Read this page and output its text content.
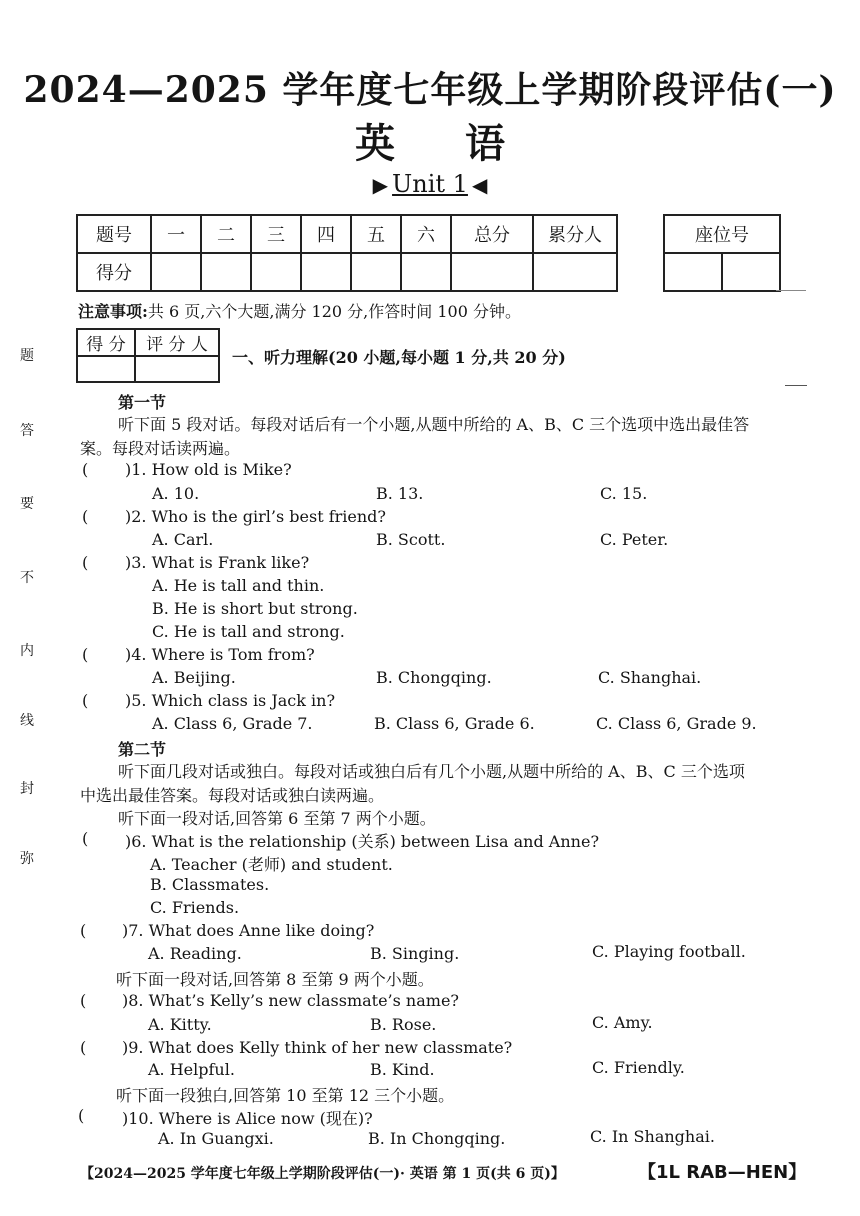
2024—2025 学年度七年级上学期阶段评估(一)
英语
▶ Unit 1 ◀
题号	一	二	三	四	五	六	总分	累分人
得分								
座位号

注意事项:共 6 页,六个大题,满分 120 分,作答时间 100 分钟。
得 分	评 分 人

一、听力理解(20 小题,每小题 1 分,共 20 分)
第一节
听下面 5 段对话。每段对话后有一个小题,从题中所给的 A、B、C 三个选项中选出最佳答
案。每段对话读两遍。
( )1. How old is Mike?
A. 10.	B. 13.	C. 15.
( )2. Who is the girl’s best friend?
A. Carl.	B. Scott.	C. Peter.
( )3. What is Frank like?
A. He is tall and thin.
B. He is short but strong.
C. He is tall and strong.
( )4. Where is Tom from?
A. Beijing.	B. Chongqing.	C. Shanghai.
( )5. Which class is Jack in?
A. Class 6, Grade 7.	B. Class 6, Grade 6.	C. Class 6, Grade 9.
第二节
听下面几段对话或独白。每段对话或独白后有几个小题,从题中所给的 A、B、C 三个选项
中选出最佳答案。每段对话或独白读两遍。
听下面一段对话,回答第 6 至第 7 两个小题。
( )6. What is the relationship (关系) between Lisa and Anne?
A. Teacher (老师) and student.
B. Classmates.
C. Friends.
( )7. What does Anne like doing?
A. Reading.	B. Singing.	C. Playing football.
听下面一段对话,回答第 8 至第 9 两个小题。
( )8. What’s Kelly’s new classmate’s name?
A. Kitty.	B. Rose.	C. Amy.
( )9. What does Kelly think of her new classmate?
A. Helpful.	B. Kind.	C. Friendly.
听下面一段独白,回答第 10 至第 12 三个小题。
( )10. Where is Alice now (现在)?
A. In Guangxi.	B. In Chongqing.	C. In Shanghai.
题
答
要
不
内
线
封
弥
【2024—2025 学年度七年级上学期阶段评估(一)· 英语 第 1 页(共 6 页)】	【1L RAB—HEN】
